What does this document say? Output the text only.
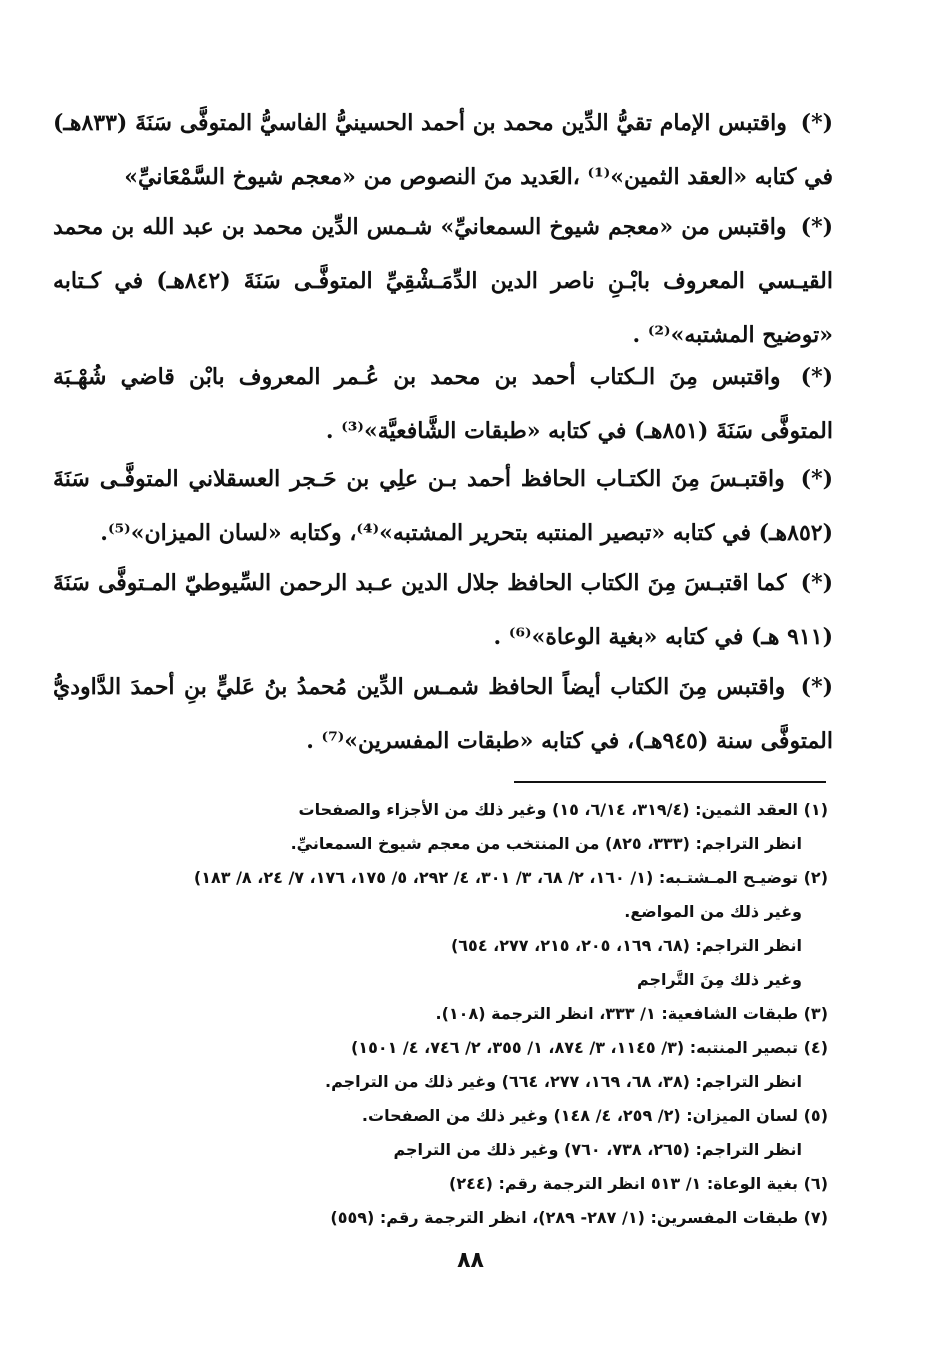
(*) واقتبس الإمام تقيُّ الدِّين محمد بن أحمد الحسينيُّ الفاسيُّ المتوفَّى سَنَةَ (٨٣٣هـ) في كتابه «العقد الثمين»⁽¹⁾ ،العَديد منَ النصوص من «معجم شيوخ السَّمْعَانيِّ»
(*) واقتبس من «معجم شيوخ السمعانيِّ» شـمس الدِّين محمد بن عبد الله بن محمد القيـسي المعروف بابْـنِ ناصر الدين الدِّمَـشْقِيِّ المتوفَّـى سَنَةَ (٨٤٢هـ) في كـتابه «توضيح المشتبه»⁽²⁾ .
(*) واقتبس مِنَ الـكتاب أحمد بن محمد بن عُـمر المعروف بابْن قاضي شُهْـبَة المتوفَّى سَنَةَ (٨٥١هـ) في كتابه «طبقات الشَّافعيَّة»⁽³⁾ .
(*) واقتبـسَ مِنَ الكتـاب الحافظ أحمد بـن علِي بن حَـجر العسقلاني المتوفَّـى سَنَةَ (٨٥٢هـ) في كتابه «تبصير المنتبه بتحرير المشتبه»⁽⁴⁾، وكتابه «لسان الميزان»⁽⁵⁾.
(*) كما اقتبـسَ مِنَ الكتاب الحافظ جلال الدين عـبد الرحمن السِّيوطيّ المـتوفَّى سَنَةَ (٩١١ هـ) في كتابه «بغية الوعاة»⁽⁶⁾ .
(*) واقتبس مِنَ الكتاب أيضاً الحافظ شمـس الدِّين مُحمدُ بنُ عَليٍّ بنِ أحمدَ الدَّاوديُّ المتوفَّى سنة (٩٤٥هـ)، في كتابه «طبقات المفسرين»⁽⁷⁾ .
(١) العقد الثمين: (٣١٩/٤، ٦/١٤، ١٥) وغير ذلك من الأجزاء والصفحات
انظر التراجم: (٣٣٣، ٨٢٥) من المنتخب من معجم شيوخ السمعانيِّ.
(٢) توضيـح المـشتـبه: (١/ ١٦٠، ٢/ ٦٨، ٣/ ٣٠١، ٤/ ٢٩٢، ٥/ ١٧٥، ١٧٦، ٧/ ٢٤، ٨/ ١٨٣)
وغير ذلك من المواضع.
انظر التراجم: (٦٨، ١٦٩، ٢٠٥، ٢١٥، ٢٧٧، ٦٥٤)
وغير ذلك مِنَ التَّراجم
(٣) طبقات الشافعية: ١/ ٣٣٣، انظر الترجمة (١٠٨).
(٤) تبصير المنتبه: (٣/ ١١٤٥، ٣/ ٨٧٤، ١/ ٣٥٥، ٢/ ٧٤٦، ٤/ ١٥٠١)
انظر التراجم: (٣٨، ٦٨، ١٦٩، ٢٧٧، ٦٦٤) وغير ذلك من التراجم.
(٥) لسان الميزان: (٢/ ٢٥٩، ٤/ ١٤٨) وغير ذلك من الصفحات.
انظر التراجم: (٢٦٥، ٧٣٨، ٧٦٠) وغير ذلك من التراجم
(٦) بغية الوعاة: ١/ ٥١٣ انظر الترجمة رقم: (٢٤٤)
(٧) طبقات المفسرين: (١/ ٢٨٧- ٢٨٩)، انظر الترجمة رقم: (٥٥٩)
٨٨
